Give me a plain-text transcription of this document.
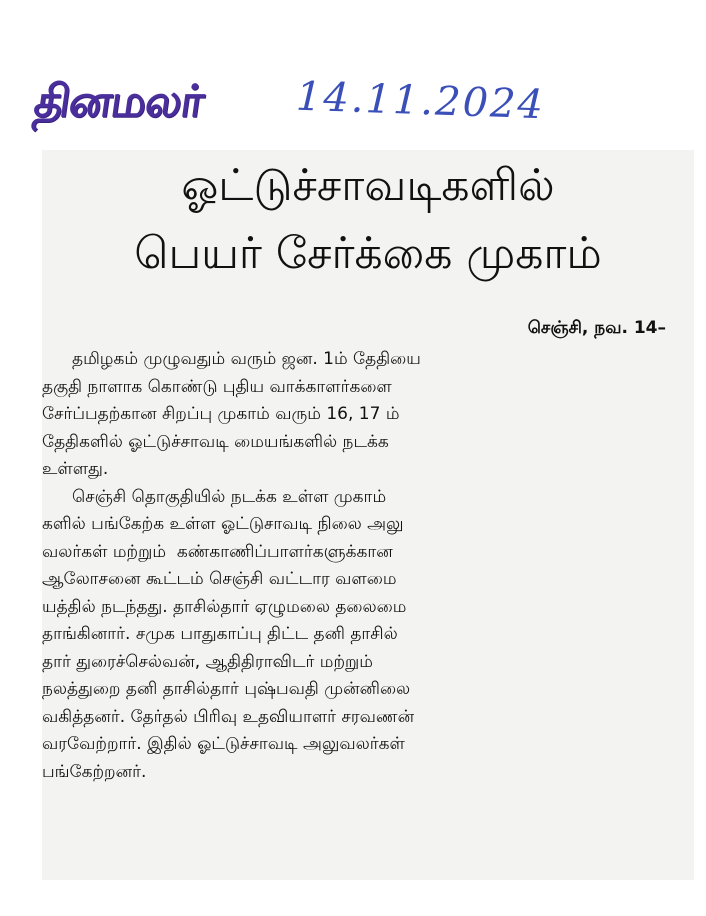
தினமலர் 14.11.2024
ஓட்டுச்சாவடிகளில்
பெயர் சேர்க்கை முகாம்
செஞ்சி, நவ. 14–
தமிழகம் முழுவதும் வரும் ஜன. 1ம் தேதியை
தகுதி நாளாக கொண்டு புதிய வாக்காளர்களை
சேர்ப்பதற்கான சிறப்பு முகாம் வரும் 16, 17 ம்
தேதிகளில் ஓட்டுச்சாவடி மையங்களில் நடக்க
உள்ளது.
செஞ்சி தொகுதியில் நடக்க உள்ள முகாம்
களில் பங்கேற்க உள்ள ஓட்டுசாவடி நிலை அலு
வலர்கள் மற்றும்  கண்காணிப்பாளர்களுக்கான
ஆலோசனை கூட்டம் செஞ்சி வட்டார வளமை
யத்தில் நடந்தது. தாசில்தார் ஏழுமலை தலைமை
தாங்கினார். சமுக பாதுகாப்பு திட்ட தனி தாசில்
தார் துரைச்செல்வன், ஆதிதிராவிடர் மற்றும்
நலத்துறை தனி தாசில்தார் புஷ்பவதி முன்னிலை
வகித்தனர். தேர்தல் பிரிவு உதவியாளர் சரவணன்
வரவேற்றார். இதில் ஓட்டுச்சாவடி அலுவலர்கள்
பங்கேற்றனர்.
